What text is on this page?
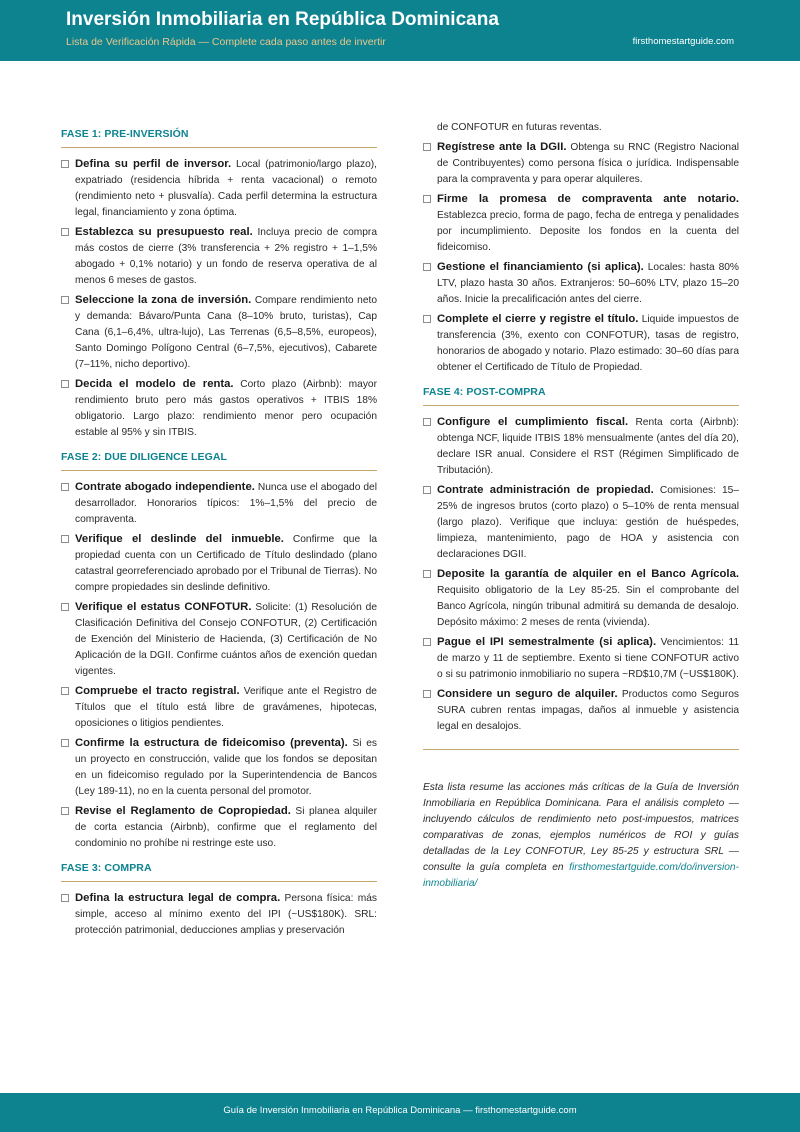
Inversión Inmobiliaria en República Dominicana
Lista de Verificación Rápida — Complete cada paso antes de invertir	firsthomestartguide.com
FASE 1: PRE-INVERSIÓN
Defina su perfil de inversor. Local (patrimonio/largo plazo), expatriado (residencia híbrida + renta vacacional) o remoto (rendimiento neto + plusvalía). Cada perfil determina la estructura legal, financiamiento y zona óptima.
Establezca su presupuesto real. Incluya precio de compra más costos de cierre (3% transferencia + 2% registro + 1–1,5% abogado + 0,1% notario) y un fondo de reserva operativa de al menos 6 meses de gastos.
Seleccione la zona de inversión. Compare rendimiento neto y demanda: Bávaro/Punta Cana (8–10% bruto, turistas), Cap Cana (6,1–6,4%, ultra-lujo), Las Terrenas (6,5–8,5%, europeos), Santo Domingo Polígono Central (6–7,5%, ejecutivos), Cabarete (7–11%, nicho deportivo).
Decida el modelo de renta. Corto plazo (Airbnb): mayor rendimiento bruto pero más gastos operativos + ITBIS 18% obligatorio. Largo plazo: rendimiento menor pero ocupación estable al 95% y sin ITBIS.
FASE 2: DUE DILIGENCE LEGAL
Contrate abogado independiente. Nunca use el abogado del desarrollador. Honorarios típicos: 1%–1,5% del precio de compraventa.
Verifique el deslinde del inmueble. Confirme que la propiedad cuenta con un Certificado de Título deslindado (plano catastral georreferenciado aprobado por el Tribunal de Tierras). No compre propiedades sin deslinde definitivo.
Verifique el estatus CONFOTUR. Solicite: (1) Resolución de Clasificación Definitiva del Consejo CONFOTUR, (2) Certificación de Exención del Ministerio de Hacienda, (3) Certificación de No Aplicación de la DGII. Confirme cuántos años de exención quedan vigentes.
Compruebe el tracto registral. Verifique ante el Registro de Títulos que el título está libre de gravámenes, hipotecas, oposiciones o litigios pendientes.
Confirme la estructura de fideicomiso (preventa). Si es un proyecto en construcción, valide que los fondos se depositan en un fideicomiso regulado por la Superintendencia de Bancos (Ley 189-11), no en la cuenta personal del promotor.
Revise el Reglamento de Copropiedad. Si planea alquiler de corta estancia (Airbnb), confirme que el reglamento del condominio no prohíbe ni restringe este uso.
FASE 3: COMPRA
Defina la estructura legal de compra. Persona física: más simple, acceso al mínimo exento del IPI (~US$180K). SRL: protección patrimonial, deducciones amplias y preservación
de CONFOTUR en futuras reventas.
Regístrese ante la DGII. Obtenga su RNC (Registro Nacional de Contribuyentes) como persona física o jurídica. Indispensable para la compraventa y para operar alquileres.
Firme la promesa de compraventa ante notario. Establezca precio, forma de pago, fecha de entrega y penalidades por incumplimiento. Deposite los fondos en la cuenta del fideicomiso.
Gestione el financiamiento (si aplica). Locales: hasta 80% LTV, plazo hasta 30 años. Extranjeros: 50–60% LTV, plazo 15–20 años. Inicie la precalificación antes del cierre.
Complete el cierre y registre el título. Liquide impuestos de transferencia (3%, exento con CONFOTUR), tasas de registro, honorarios de abogado y notario. Plazo estimado: 30–60 días para obtener el Certificado de Título de Propiedad.
FASE 4: POST-COMPRA
Configure el cumplimiento fiscal. Renta corta (Airbnb): obtenga NCF, liquide ITBIS 18% mensualmente (antes del día 20), declare ISR anual. Considere el RST (Régimen Simplificado de Tributación).
Contrate administración de propiedad. Comisiones: 15–25% de ingresos brutos (corto plazo) o 5–10% de renta mensual (largo plazo). Verifique que incluya: gestión de huéspedes, limpieza, mantenimiento, pago de HOA y asistencia con declaraciones DGII.
Deposite la garantía de alquiler en el Banco Agrícola. Requisito obligatorio de la Ley 85-25. Sin el comprobante del Banco Agrícola, ningún tribunal admitirá su demanda de desalojo. Depósito máximo: 2 meses de renta (vivienda).
Pague el IPI semestralmente (si aplica). Vencimientos: 11 de marzo y 11 de septiembre. Exento si tiene CONFOTUR activo o si su patrimonio inmobiliario no supera ~RD$10,7M (~US$180K).
Considere un seguro de alquiler. Productos como Seguros SURA cubren rentas impagas, daños al inmueble y asistencia legal en desalojos.

Esta lista resume las acciones más críticas de la Guía de Inversión Inmobiliaria en República Dominicana. Para el análisis completo — incluyendo cálculos de rendimiento neto post-impuestos, matrices comparativas de zonas, ejemplos numéricos de ROI y guías detalladas de la Ley CONFOTUR, Ley 85-25 y estructura SRL — consulte la guía completa en firsthomestartguide.com/do/inversion-inmobiliaria/

Guía de Inversión Inmobiliaria en República Dominicana — firsthomestartguide.com
